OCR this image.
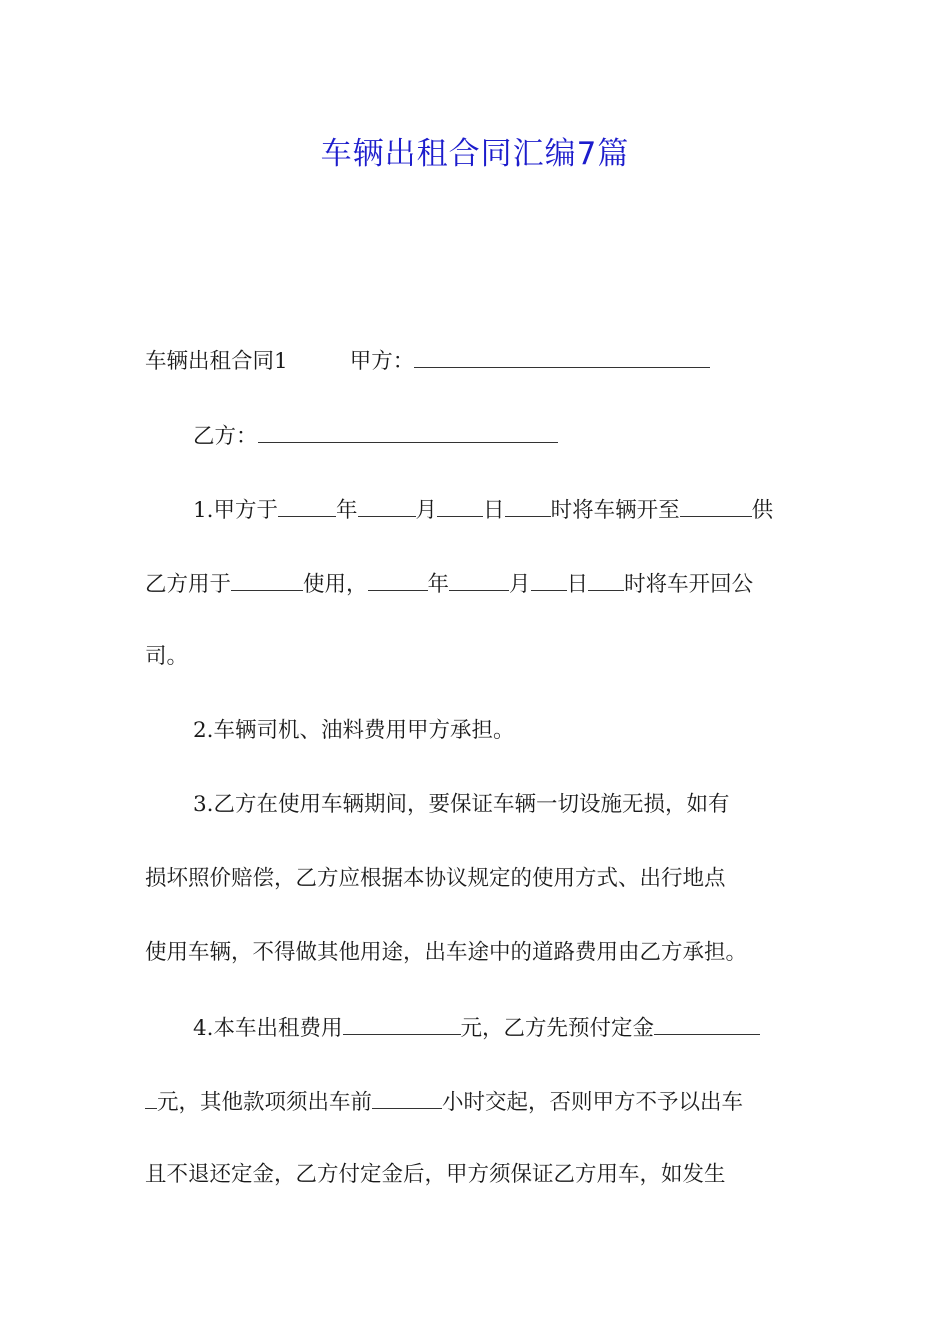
车辆出租合同汇编7篇
车辆出租合同1	甲方：
乙方：
1.甲方于	年	月 日 时将车辆开至	供
乙方用于	使用，	年	月 日 时将车开回公
司。
2.车辆司机、油料费用甲方承担。
3.乙方在使用车辆期间，要保证车辆一切设施无损，如有
损坏照价赔偿，乙方应根据本协议规定的使用方式、出行地点
使用车辆，不得做其他用途，出车途中的道路费用由乙方承担。
4.本车出租费用	元，乙方先预付定金
元，其他款项须出车前	小时交起，否则甲方不予以出车
且不退还定金，乙方付定金后，甲方须保证乙方用车，如发生
